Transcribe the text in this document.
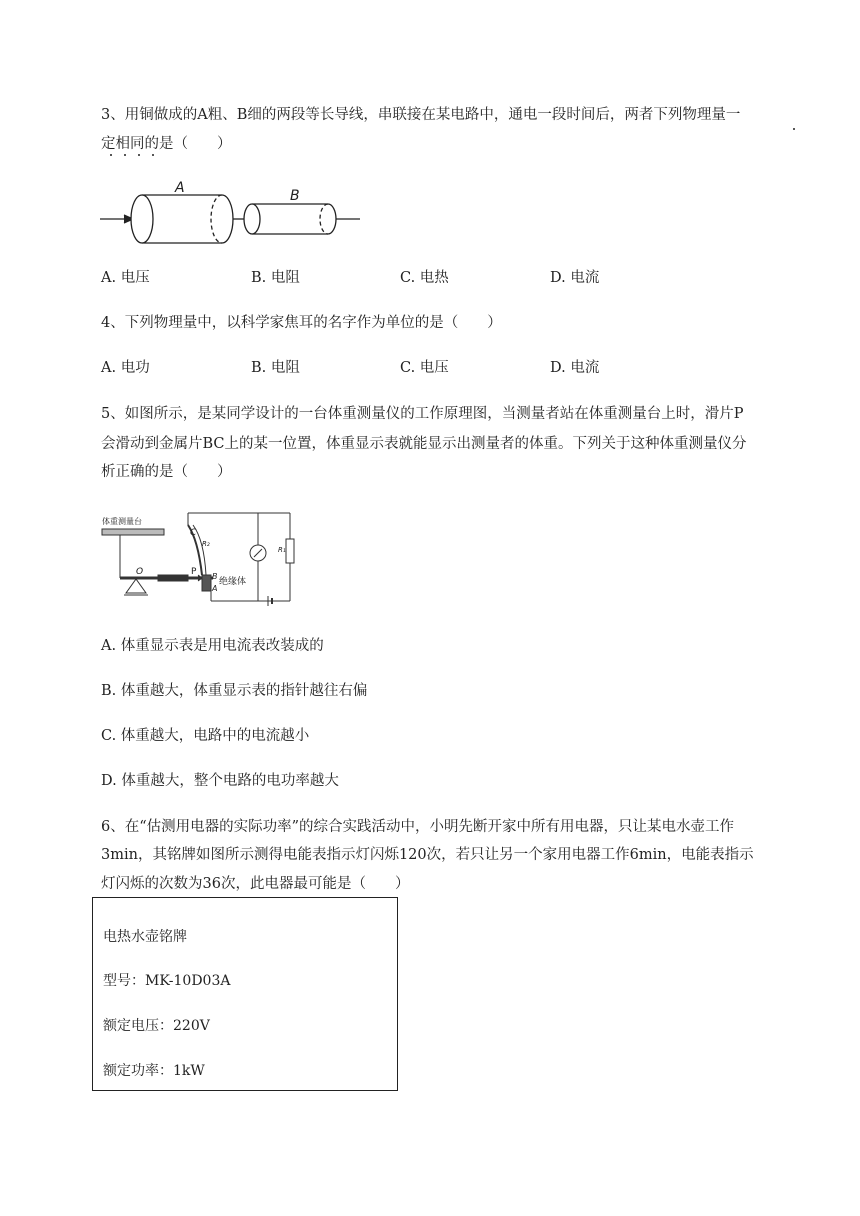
3、用铜做成的A粗、B细的两段等长导线，串联接在某电路中，通电一段时间后，两者下列物理量一
定相同的是（　　）
A	B
A. 电压	B. 电阻	C. 电热	D. 电流
4、下列物理量中，以科学家焦耳的名字作为单位的是（　　）
A. 电功	B. 电阻	C. 电压	D. 电流
5、如图所示，是某同学设计的一台体重测量仪的工作原理图，当测量者站在体重测量台上时，滑片P
会滑动到金属片BC上的某一位置，体重显示表就能显示出测量者的体重。下列关于这种体重测量仪分
析正确的是（　　）
体重测量台
C
R₂
R₁
O	P B
A
绝缘体
A. 体重显示表是用电流表改装成的
B. 体重越大，体重显示表的指针越往右偏
C. 体重越大，电路中的电流越小
D. 体重越大，整个电路的电功率越大
6、在“估测用电器的实际功率”的综合实践活动中，小明先断开家中所有用电器，只让某电水壶工作
3min，其铭牌如图所示测得电能表指示灯闪烁120次，若只让另一个家用电器工作6min，电能表指示
灯闪烁的次数为36次，此电器最可能是（　　）
电热水壶铭牌
型号：MK-10D03A
额定电压：220V
额定功率：1kW
